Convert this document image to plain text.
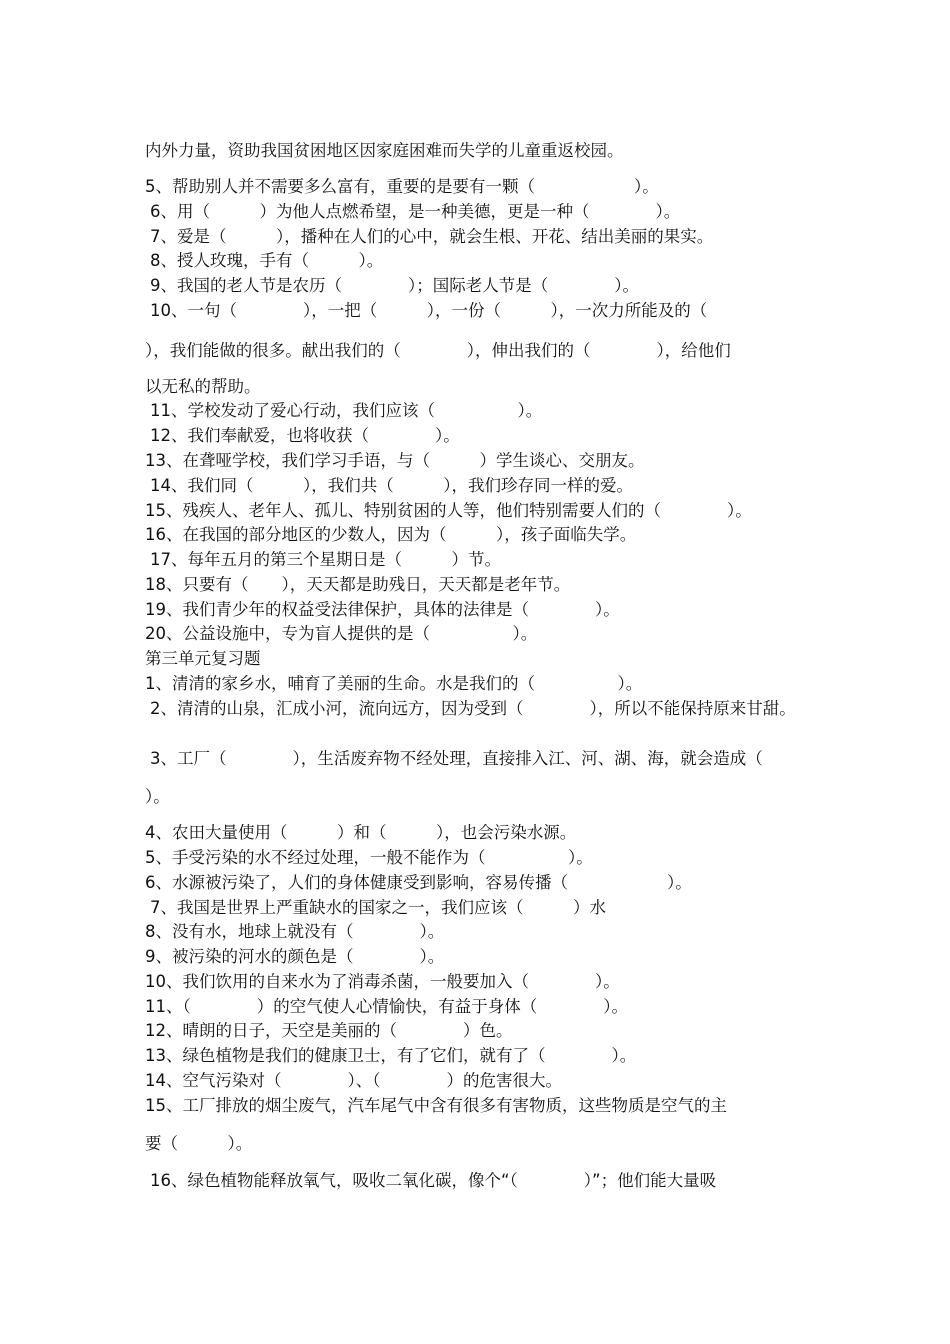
内外力量，资助我国贫困地区因家庭困难而失学的儿童重返校园。
5、帮助别人并不需要多么富有，重要的是要有一颗（　　　　　　）。
6、用（　　　）为他人点燃希望，是一种美德，更是一种（　　　　）。
7、爱是（　　　），播种在人们的心中，就会生根、开花、结出美丽的果实。
8、授人玫瑰，手有（　　　）。
9、我国的老人节是农历（　　　　）；国际老人节是（　　　　）。
10、一句（　　　　），一把（　　　），一份（　　　），一次力所能及的（
），我们能做的很多。献出我们的（　　　　），伸出我们的（　　　　），给他们
以无私的帮助。
11、学校发动了爱心行动，我们应该（　　　　　）。
12、我们奉献爱，也将收获（　　　　）。
13、在聋哑学校，我们学习手语，与（　　　）学生谈心、交朋友。
14、我们同（　　　），我们共（　　　），我们珍存同一样的爱。
15、残疾人、老年人、孤儿、特别贫困的人等，他们特别需要人们的（　　　　）。
16、在我国的部分地区的少数人，因为（　　　），孩子面临失学。
17、每年五月的第三个星期日是（　　　）节。
18、只要有（　　），天天都是助残日，天天都是老年节。
19、我们青少年的权益受法律保护，具体的法律是（　　　　）。
20、公益设施中，专为盲人提供的是（　　　　　）。
第三单元复习题
1、清清的家乡水，哺育了美丽的生命。水是我们的（　　　　　）。
2、清清的山泉，汇成小河，流向远方，因为受到（　　　　），所以不能保持原来甘甜。
3、工厂（　　　　），生活废弃物不经处理，直接排入江、河、湖、海，就会造成（
）。
4、农田大量使用（　　　）和（　　　），也会污染水源。
5、手受污染的水不经过处理，一般不能作为（　　　　　）。
6、水源被污染了，人们的身体健康受到影响，容易传播（　　　　　　）。
7、我国是世界上严重缺水的国家之一，我们应该（　　　）水
8、没有水，地球上就没有（　　　　）。
9、被污染的河水的颜色是（　　　　）。
10、我们饮用的自来水为了消毒杀菌，一般要加入（　　　　）。
11、（　　　　）的空气使人心情愉快，有益于身体（　　　　）。
12、晴朗的日子，天空是美丽的（　　　　）色。
13、绿色植物是我们的健康卫士，有了它们，就有了（　　　　）。
14、空气污染对（　　　　）、（　　　　）的危害很大。
15、工厂排放的烟尘废气，汽车尾气中含有很多有害物质，这些物质是空气的主
要（　　　）。
16、绿色植物能释放氧气，吸收二氧化碳，像个“（　　　　）”；他们能大量吸
